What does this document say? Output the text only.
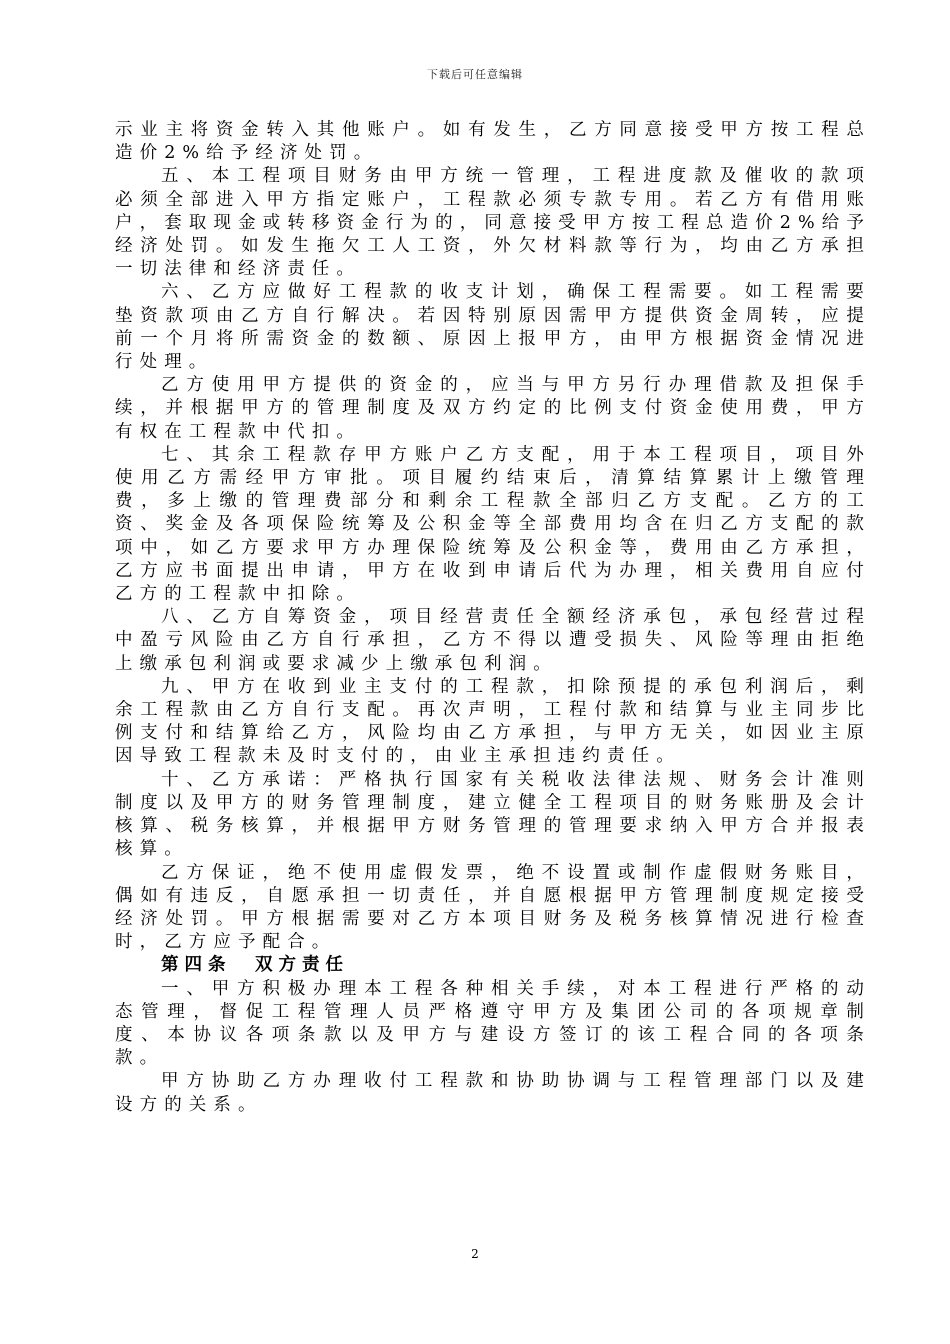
下载后可任意编辑

示业主将资金转入其他账户。如有发生，乙方同意接受甲方按工程总造价2%给予经济处罚。

五、本工程项目财务由甲方统一管理，工程进度款及催收的款项必须全部进入甲方指定账户，工程款必须专款专用。若乙方有借用账户，套取现金或转移资金行为的，同意接受甲方按工程总造价2%给予经济处罚。如发生拖欠工人工资，外欠材料款等行为，均由乙方承担一切法律和经济责任。

六、乙方应做好工程款的收支计划，确保工程需要。如工程需要垫资款项由乙方自行解决。若因特别原因需甲方提供资金周转，应提前一个月将所需资金的数额、原因上报甲方，由甲方根据资金情况进行处理。

乙方使用甲方提供的资金的，应当与甲方另行办理借款及担保手续，并根据甲方的管理制度及双方约定的比例支付资金使用费，甲方有权在工程款中代扣。

七、其余工程款存甲方账户乙方支配，用于本工程项目，项目外使用乙方需经甲方审批。项目履约结束后，清算结算累计上缴管理费，多上缴的管理费部分和剩余工程款全部归乙方支配。乙方的工资、奖金及各项保险统筹及公积金等全部费用均含在归乙方支配的款项中，如乙方要求甲方办理保险统筹及公积金等，费用由乙方承担，乙方应书面提出申请，甲方在收到申请后代为办理，相关费用自应付乙方的工程款中扣除。

八、乙方自筹资金，项目经营责任全额经济承包，承包经营过程中盈亏风险由乙方自行承担，乙方不得以遭受损失、风险等理由拒绝上缴承包利润或要求减少上缴承包利润。

九、甲方在收到业主支付的工程款，扣除预提的承包利润后，剩余工程款由乙方自行支配。再次声明，工程付款和结算与业主同步比例支付和结算给乙方，风险均由乙方承担，与甲方无关，如因业主原因导致工程款未及时支付的，由业主承担违约责任。

十、乙方承诺：严格执行国家有关税收法律法规、财务会计准则制度以及甲方的财务管理制度，建立健全工程项目的财务账册及会计核算、税务核算，并根据甲方财务管理的管理要求纳入甲方合并报表核算。

乙方保证，绝不使用虚假发票，绝不设置或制作虚假财务账目，偶如有违反，自愿承担一切责任，并自愿根据甲方管理制度规定接受经济处罚。甲方根据需要对乙方本项目财务及税务核算情况进行检查时，乙方应予配合。

第四条　双方责任

一、甲方积极办理本工程各种相关手续，对本工程进行严格的动态管理，督促工程管理人员严格遵守甲方及集团公司的各项规章制度、本协议各项条款以及甲方与建设方签订的该工程合同的各项条款。

甲方协助乙方办理收付工程款和协助协调与工程管理部门以及建设方的关系。

2
